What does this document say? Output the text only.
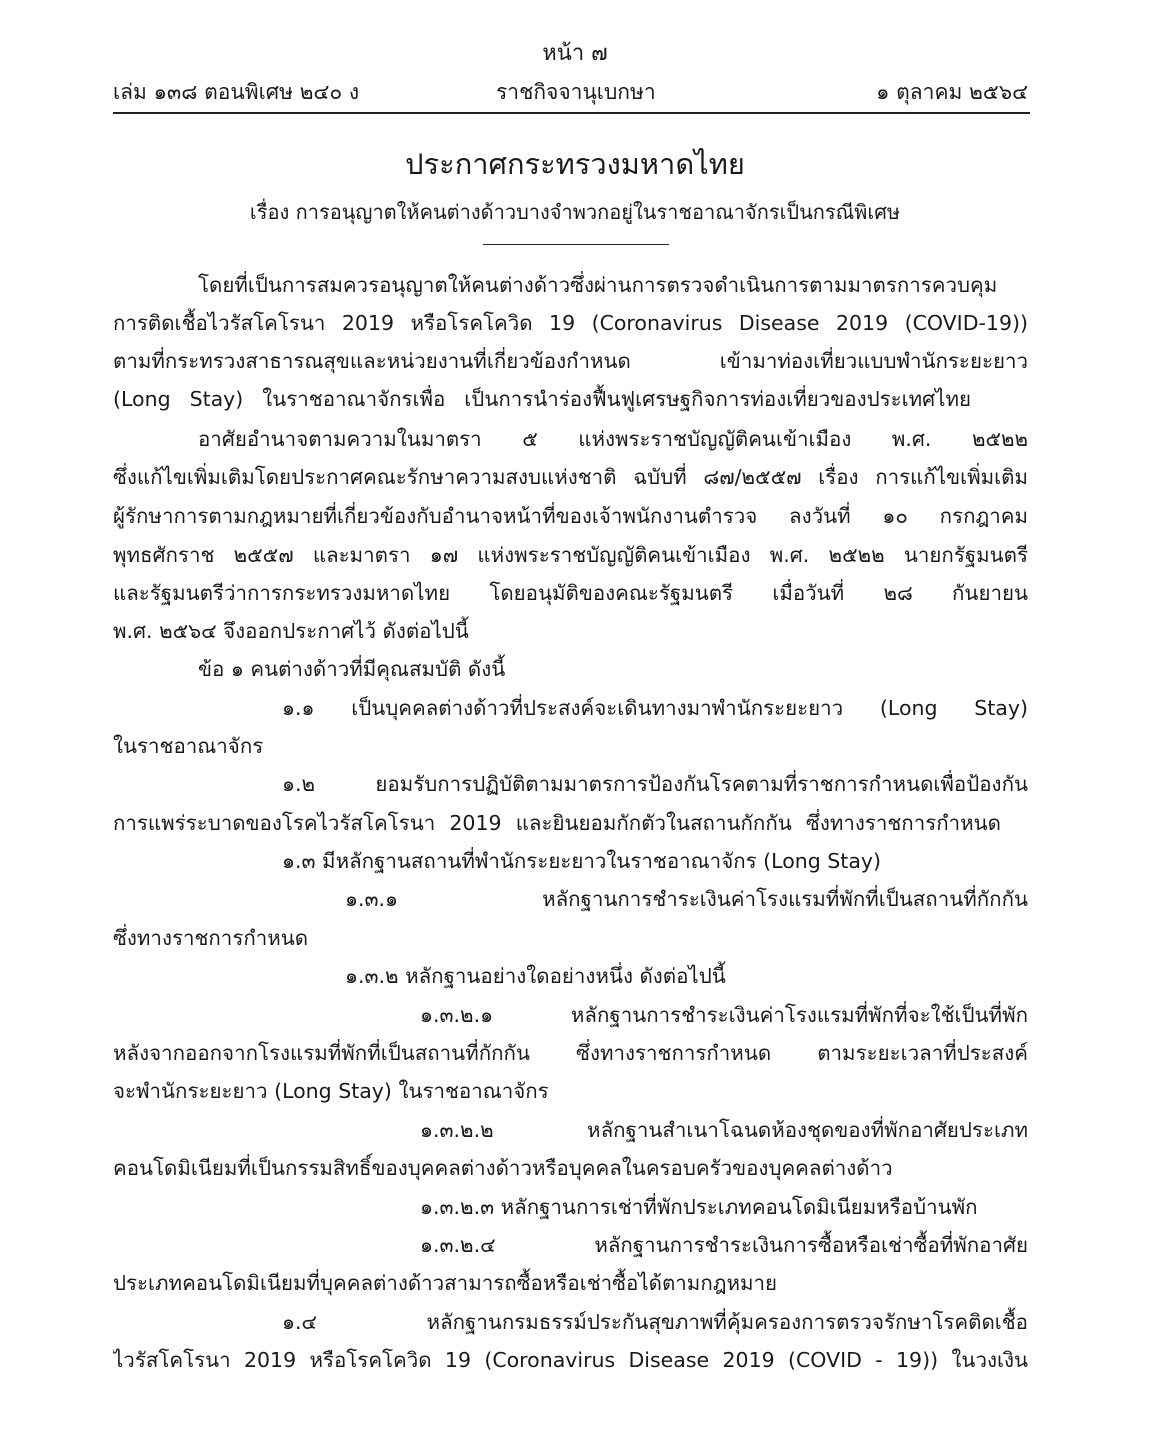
หน้า ๗
เล่ม ๑๓๘ ตอนพิเศษ ๒๔๐ ง	ราชกิจจานุเบกษา	๑ ตุลาคม ๒๕๖๔
ประกาศกระทรวงมหาดไทย
เรื่อง การอนุญาตให้คนต่างด้าวบางจำพวกอยู่ในราชอาณาจักรเป็นกรณีพิเศษ
โดยที่เป็นการสมควรอนุญาตให้คนต่างด้าวซึ่งผ่านการตรวจดำเนินการตามมาตรการควบคุม
การติดเชื้อไวรัสโคโรนา 2019 หรือโรคโควิด 19 (Coronavirus Disease 2019 (COVID-19))
ตามที่กระทรวงสาธารณสุขและหน่วยงานที่เกี่ยวข้องกำหนด เข้ามาท่องเที่ยวแบบพำนักระยะยาว
(Long Stay) ในราชอาณาจักรเพื่อ เป็นการนำร่องฟื้นฟูเศรษฐกิจการท่องเที่ยวของประเทศไทย
อาศัยอำนาจตามความในมาตรา ๕ แห่งพระราชบัญญัติคนเข้าเมือง พ.ศ. ๒๕๒๒
ซึ่งแก้ไขเพิ่มเติมโดยประกาศคณะรักษาความสงบแห่งชาติ ฉบับที่ ๘๗/๒๕๕๗ เรื่อง การแก้ไขเพิ่มเติม
ผู้รักษาการตามกฎหมายที่เกี่ยวข้องกับอำนาจหน้าที่ของเจ้าพนักงานตำรวจ ลงวันที่ ๑๐ กรกฎาคม
พุทธศักราช ๒๕๕๗ และมาตรา ๑๗ แห่งพระราชบัญญัติคนเข้าเมือง พ.ศ. ๒๕๒๒ นายกรัฐมนตรี
และรัฐมนตรีว่าการกระทรวงมหาดไทย โดยอนุมัติของคณะรัฐมนตรี เมื่อวันที่ ๒๘ กันยายน
พ.ศ. ๒๕๖๔ จึงออกประกาศไว้ ดังต่อไปนี้
ข้อ ๑ คนต่างด้าวที่มีคุณสมบัติ ดังนี้
๑.๑ เป็นบุคคลต่างด้าวที่ประสงค์จะเดินทางมาพำนักระยะยาว (Long Stay)
ในราชอาณาจักร
๑.๒ ยอมรับการปฏิบัติตามมาตรการป้องกันโรคตามที่ราชการกำหนดเพื่อป้องกัน
การแพร่ระบาดของโรคไวรัสโคโรนา 2019 และยินยอมกักตัวในสถานกักกัน ซึ่งทางราชการกำหนด
๑.๓ มีหลักฐานสถานที่พำนักระยะยาวในราชอาณาจักร (Long Stay)
๑.๓.๑ หลักฐานการชำระเงินค่าโรงแรมที่พักที่เป็นสถานที่กักกัน
ซึ่งทางราชการกำหนด
๑.๓.๒ หลักฐานอย่างใดอย่างหนึ่ง ดังต่อไปนี้
๑.๓.๒.๑ หลักฐานการชำระเงินค่าโรงแรมที่พักที่จะใช้เป็นที่พัก
หลังจากออกจากโรงแรมที่พักที่เป็นสถานที่กักกัน ซึ่งทางราชการกำหนด ตามระยะเวลาที่ประสงค์
จะพำนักระยะยาว (Long Stay) ในราชอาณาจักร
๑.๓.๒.๒ หลักฐานสำเนาโฉนดห้องชุดของที่พักอาศัยประเภท
คอนโดมิเนียมที่เป็นกรรมสิทธิ์ของบุคคลต่างด้าวหรือบุคคลในครอบครัวของบุคคลต่างด้าว
๑.๓.๒.๓ หลักฐานการเช่าที่พักประเภทคอนโดมิเนียมหรือบ้านพัก
๑.๓.๒.๔ หลักฐานการชำระเงินการซื้อหรือเช่าซื้อที่พักอาศัย
ประเภทคอนโดมิเนียมที่บุคคลต่างด้าวสามารถซื้อหรือเช่าซื้อได้ตามกฎหมาย
๑.๔ หลักฐานกรมธรรม์ประกันสุขภาพที่คุ้มครองการตรวจรักษาโรคติดเชื้อ
ไวรัสโคโรนา 2019 หรือโรคโควิด 19 (Coronavirus Disease 2019 (COVID - 19)) ในวงเงิน
